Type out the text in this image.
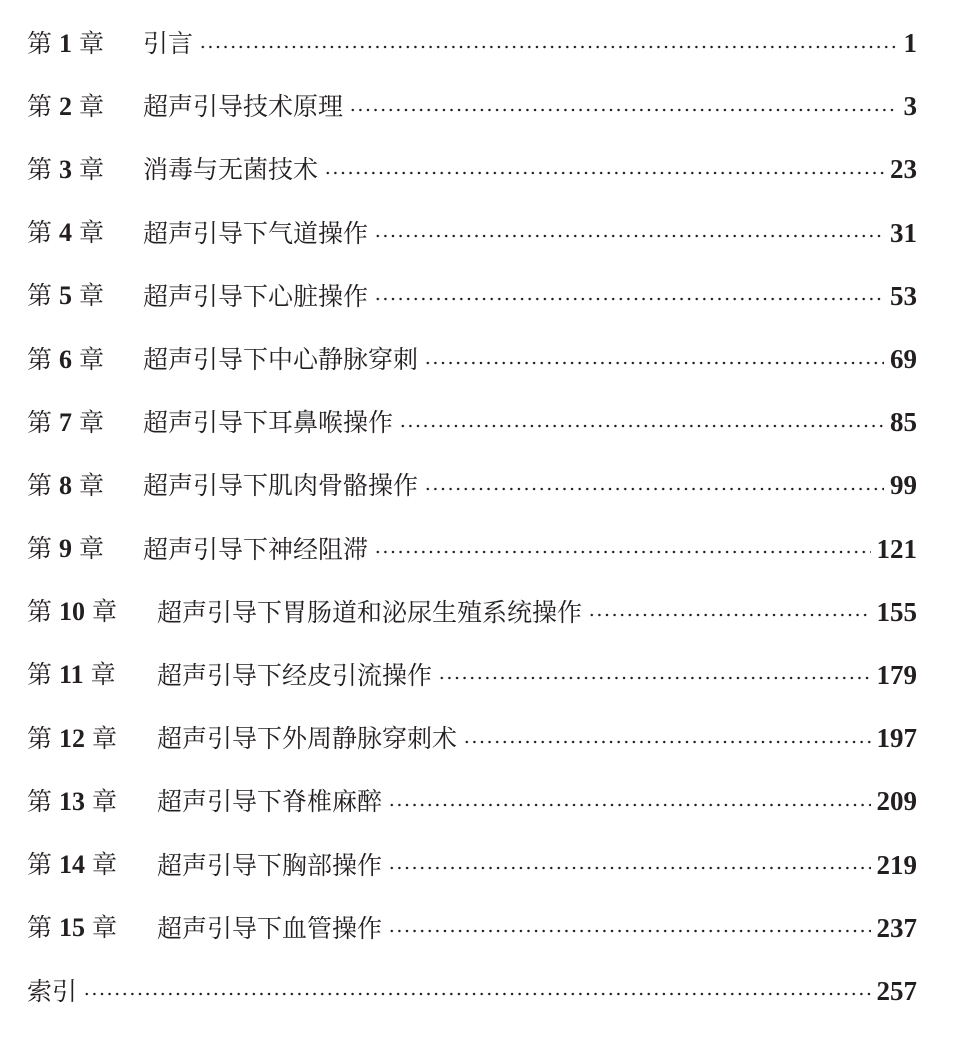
第 1 章 引言	1
第 2 章 超声引导技术原理	3
第 3 章 消毒与无菌技术	23
第 4 章 超声引导下气道操作	31
第 5 章 超声引导下心脏操作	53
第 6 章 超声引导下中心静脉穿刺	69
第 7 章 超声引导下耳鼻喉操作	85
第 8 章 超声引导下肌肉骨骼操作	99
第 9 章 超声引导下神经阻滞	121
第 10 章 超声引导下胃肠道和泌尿生殖系统操作	155
第 11 章 超声引导下经皮引流操作	179
第 12 章 超声引导下外周静脉穿刺术	197
第 13 章 超声引导下脊椎麻醉	209
第 14 章 超声引导下胸部操作	219
第 15 章 超声引导下血管操作	237
索引	257
